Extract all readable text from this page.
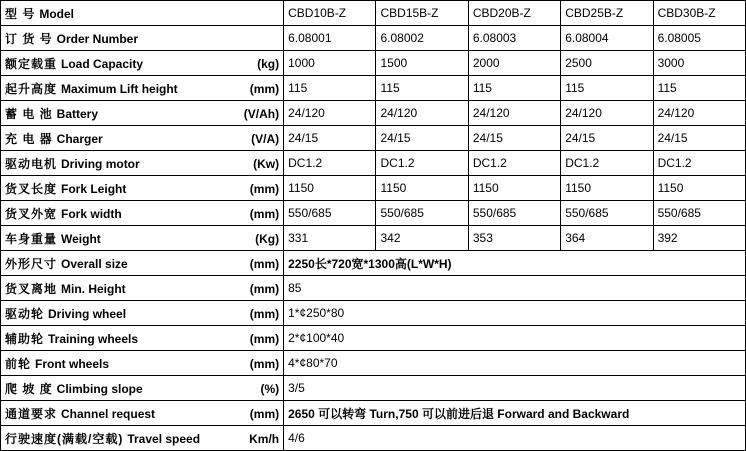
型 号 Model	CBD10B-Z	CBD15B-Z	CBD20B-Z	CBD25B-Z	CBD30B-Z

订 货 号 Order Number	6.08001	6.08002	6.08003	6.08004	6.08005

额定载重 Load Capacity (kg)	1000	1500	2000	2500	3000

起升高度 Maximum Lift height (mm)	115	115	115	115	115

蓄 电 池 Battery (V/Ah)	24/120	24/120	24/120	24/120	24/120

充 电 器 Charger (V/A)	24/15	24/15	24/15	24/15	24/15

驱动电机 Driving motor (Kw)	DC1.2	DC1.2	DC1.2	DC1.2	DC1.2

货叉长度 Fork Leight (mm)	1150	1150	1150	1150	1150

货叉外宽 Fork width (mm)	550/685	550/685	550/685	550/685	550/685

车身重量 Weight (Kg)	331	342	353	364	392

外形尺寸 Overall size (mm)	2250长*720宽*1300高(L*W*H)				

货叉离地 Min. Height (mm)	85				

驱动轮 Driving wheel (mm)	1*¢250*80				

辅助轮 Training wheels (mm)	2*¢100*40				

前轮 Front wheels (mm)	4*¢80*70				

爬 坡 度 Climbing slope (%)	3/5				

通道要求 Channel request (mm)	2650 可以转弯 Turn,750 可以前进后退 Forward and Backward				

行驶速度(满载/空载) Travel speed Km/h	4/6				
